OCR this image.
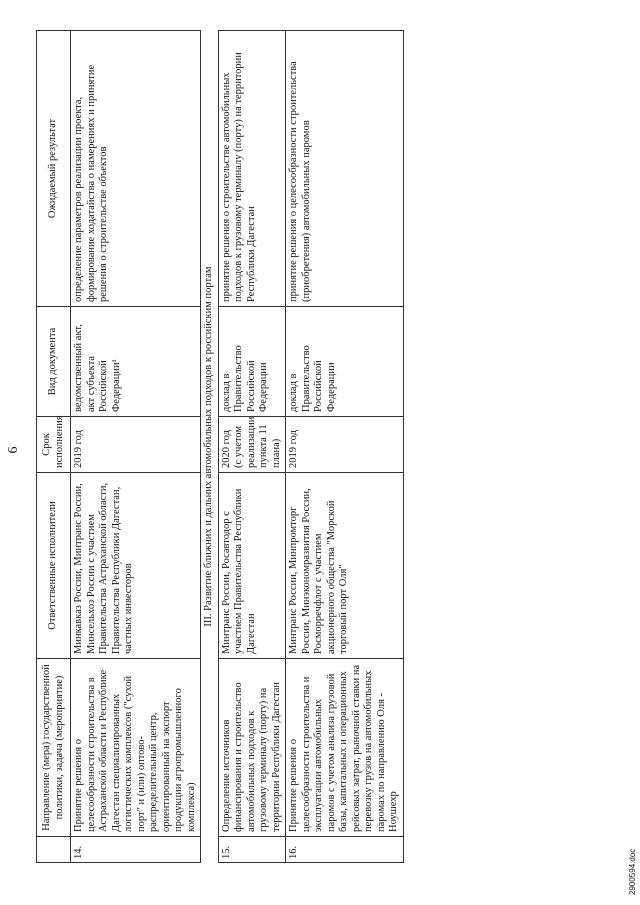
6
	Направление (мера) государственной политики, задача (мероприятие)	Ответственные исполнители	Срок исполнения	Вид документа	Ожидаемый результат
14.	Принятие решения о целесообразности строительства в Астраханской области и Республике Дагестан специализированных логистических комплексов ("сухой порт" и (или) оптово-распределительный центр, ориентированный на экспорт продукции агропромышленного комплекса)	Минкавказ России, Минтранс России, Минсельхоз России с участием Правительства Астраханской области, Правительства Республики Дагестан, частных инвесторов	2019 год	ведомственный акт, акт субъекта Российской Федерации¹	определение параметров реализации проекта, формирование ходатайства о намерениях и принятие решения о строительстве объектов
III. Развитие ближних и дальних автомобильных подходов к российским портам					
15.	Определение источников финансирования и строительство автомобильных подходов к грузовому терминалу (порту) на территории Республики Дагестан	Минтранс России, Росавтодор с участием Правительства Республики Дагестан	2020 год (с учетом реализации пункта 11 плана)	доклад в Правительство Российской Федерации	принятие решения о строительстве автомобильных подходов к грузовому терминалу (порту) на территории Республики Дагестан
16.	Принятие решения о целесообразности строительства и эксплуатации автомобильных паромов с учетом анализа грузовой базы, капитальных и операционных рейсовых затрат, рыночной ставки на перевозку грузов на автомобильных паромах по направлению Оля - Ноушехр	Минтранс России, Минпромторг России, Минэкономразвития России, Росморречфлот с участием акционерного общества "Морской торговый порт Оля"	2019 год	доклад в Правительство Российской Федерации	принятие решения о целесообразности строительства (приобретения) автомобильных паромов
2900594.doc
